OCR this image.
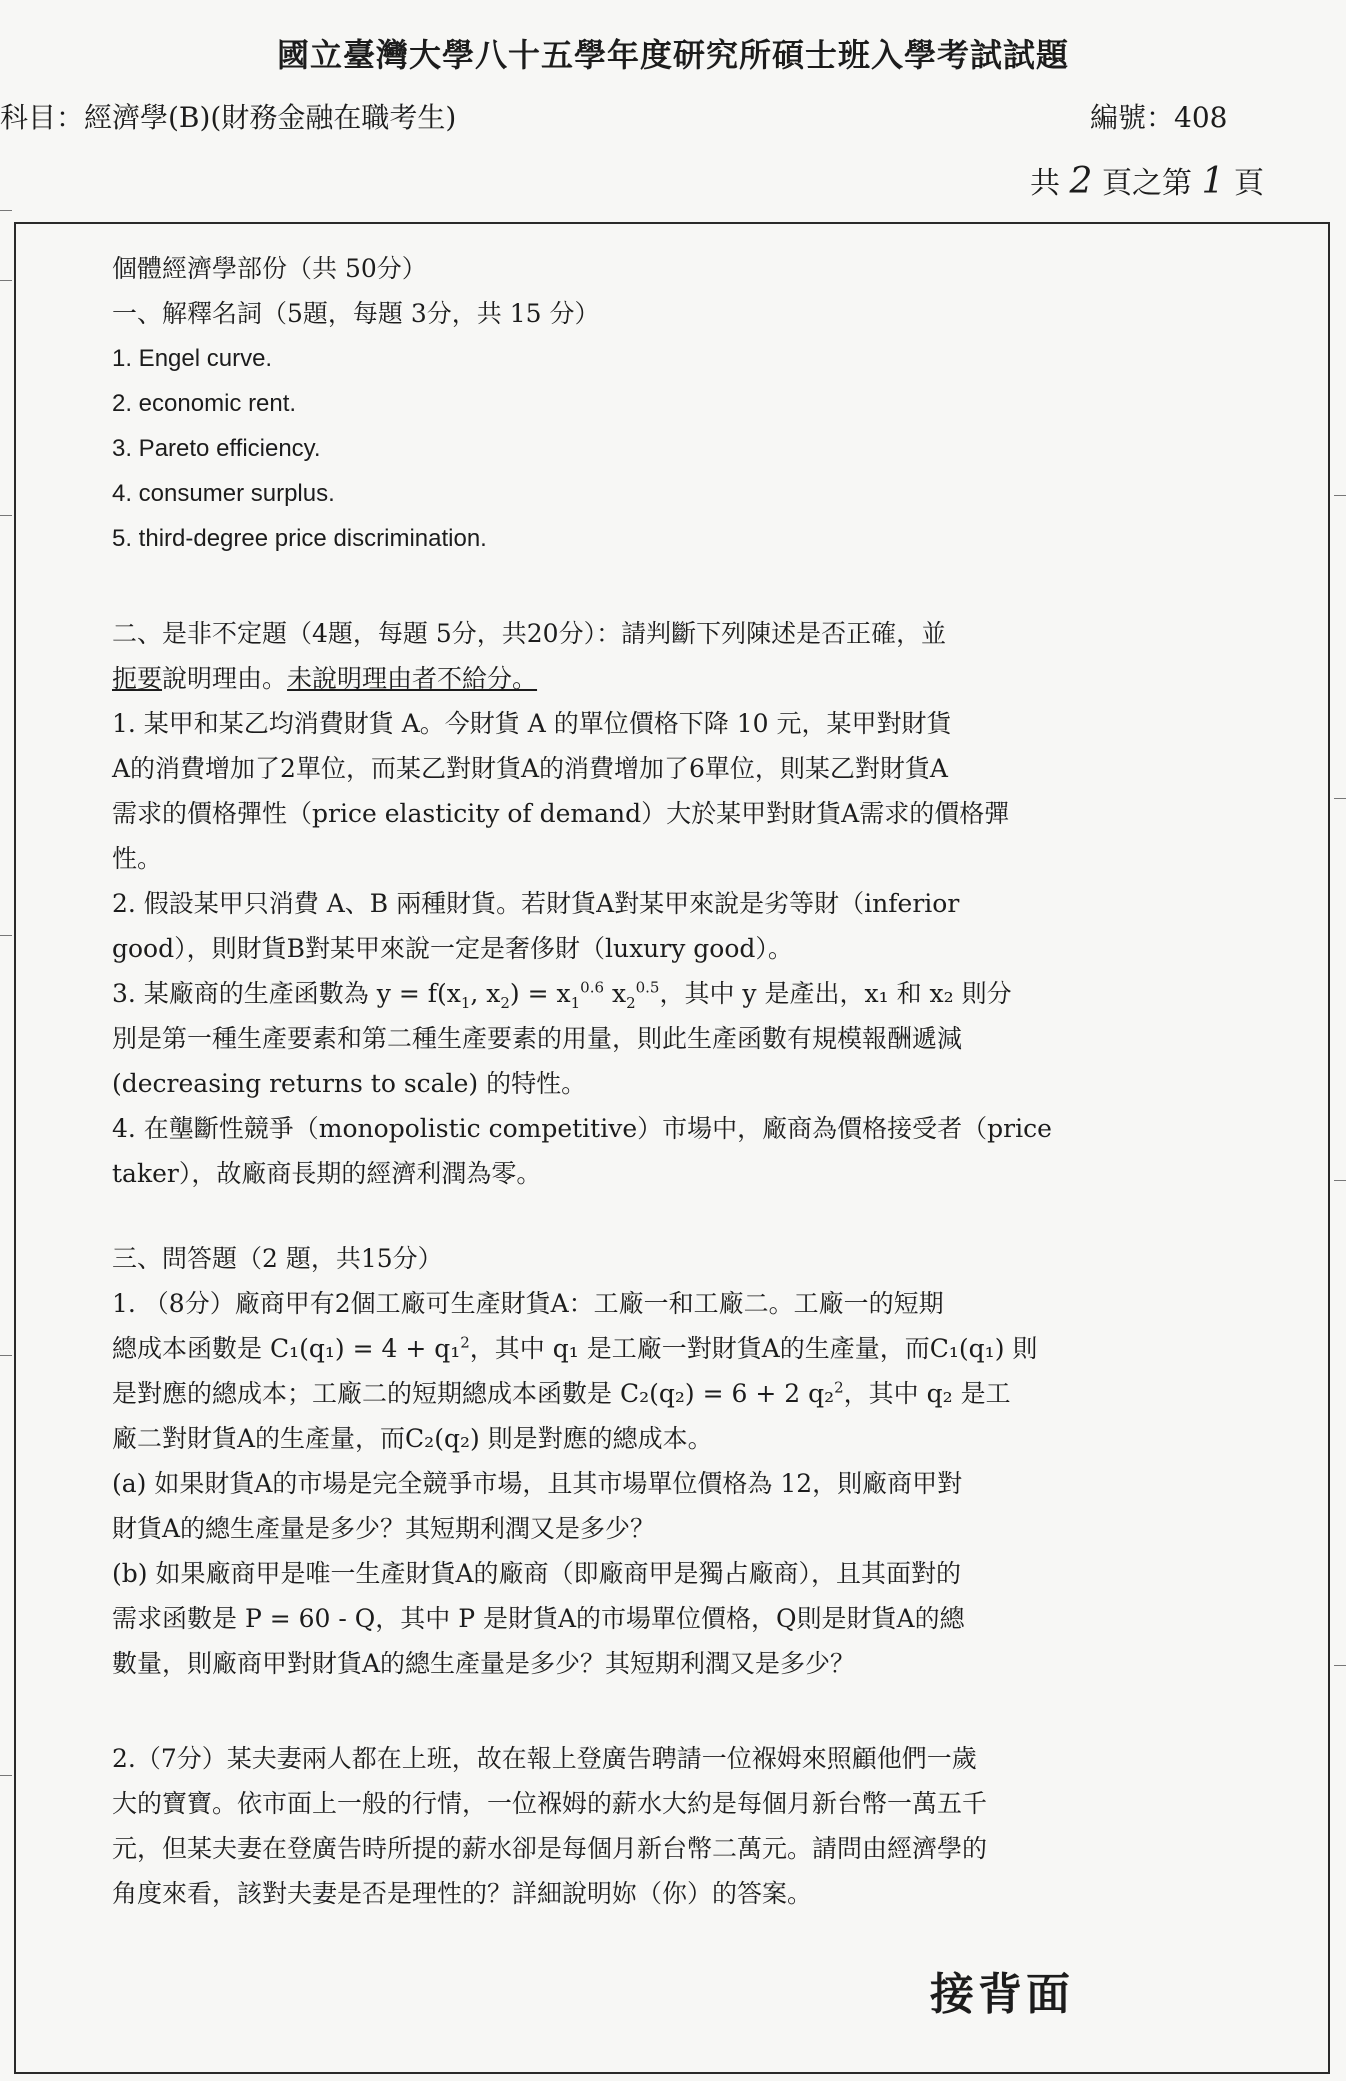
國立臺灣大學八十五學年度研究所碩士班入學考試試題
科目：經濟學(B)(財務金融在職考生)	編號：408
共 2 頁之第 1 頁

個體經濟學部份（共 50分）

一、解釋名詞（5題，每題 3分，共 15 分）

1. Engel curve.

2. economic rent.

3. Pareto efficiency.

4. consumer surplus.

5. third-degree price discrimination.

二、是非不定題（4題，每題 5分，共20分）：請判斷下列陳述是否正確，並

扼要說明理由。未說明理由者不給分。

1. 某甲和某乙均消費財貨 A。今財貨 A 的單位價格下降 10 元，某甲對財貨

A的消費增加了2單位，而某乙對財貨A的消費增加了6單位，則某乙對財貨A

需求的價格彈性（price elasticity of demand）大於某甲對財貨A需求的價格彈

性。

2. 假設某甲只消費 A、B 兩種財貨。若財貨A對某甲來說是劣等財（inferior

good），則財貨B對某甲來說一定是奢侈財（luxury good）。

3. 某廠商的生產函數為 $y = f(x_1$, $x_2) = x_1^{0.6}$ $x_2^{0.5}$，其中 y 是產出，x₁ 和 x₂ 則分

別是第一種生產要素和第二種生產要素的用量，則此生產函數有規模報酬遞減

(decreasing returns to scale) 的特性。

4. 在壟斷性競爭（monopolistic competitive）市場中，廠商為價格接受者（price

taker），故廠商長期的經濟利潤為零。

三、問答題（2 題，共15分）

1. （8分）廠商甲有2個工廠可生產財貨A：工廠一和工廠二。工廠一的短期

總成本函數是 C₁(q₁) = 4 + q₁$^2$，其中 q₁ 是工廠一對財貨A的生產量，而C₁(q₁) 則

是對應的總成本；工廠二的短期總成本函數是 C₂(q₂) = 6 + 2 q₂$^2$，其中 q₂ 是工

廠二對財貨A的生產量，而C₂(q₂) 則是對應的總成本。

(a) 如果財貨A的市場是完全競爭市場，且其市場單位價格為 12，則廠商甲對

財貨A的總生產量是多少？其短期利潤又是多少？

(b) 如果廠商甲是唯一生產財貨A的廠商（即廠商甲是獨占廠商），且其面對的

需求函數是 P = 60 - Q，其中 P 是財貨A的市場單位價格，Q則是財貨A的總

數量，則廠商甲對財貨A的總生產量是多少？其短期利潤又是多少？

2.（7分）某夫妻兩人都在上班，故在報上登廣告聘請一位褓姆來照顧他們一歲

大的寶寶。依市面上一般的行情，一位褓姆的薪水大約是每個月新台幣一萬五千

元，但某夫妻在登廣告時所提的薪水卻是每個月新台幣二萬元。請問由經濟學的

角度來看，該對夫妻是否是理性的？詳細說明妳（你）的答案。

接背面
